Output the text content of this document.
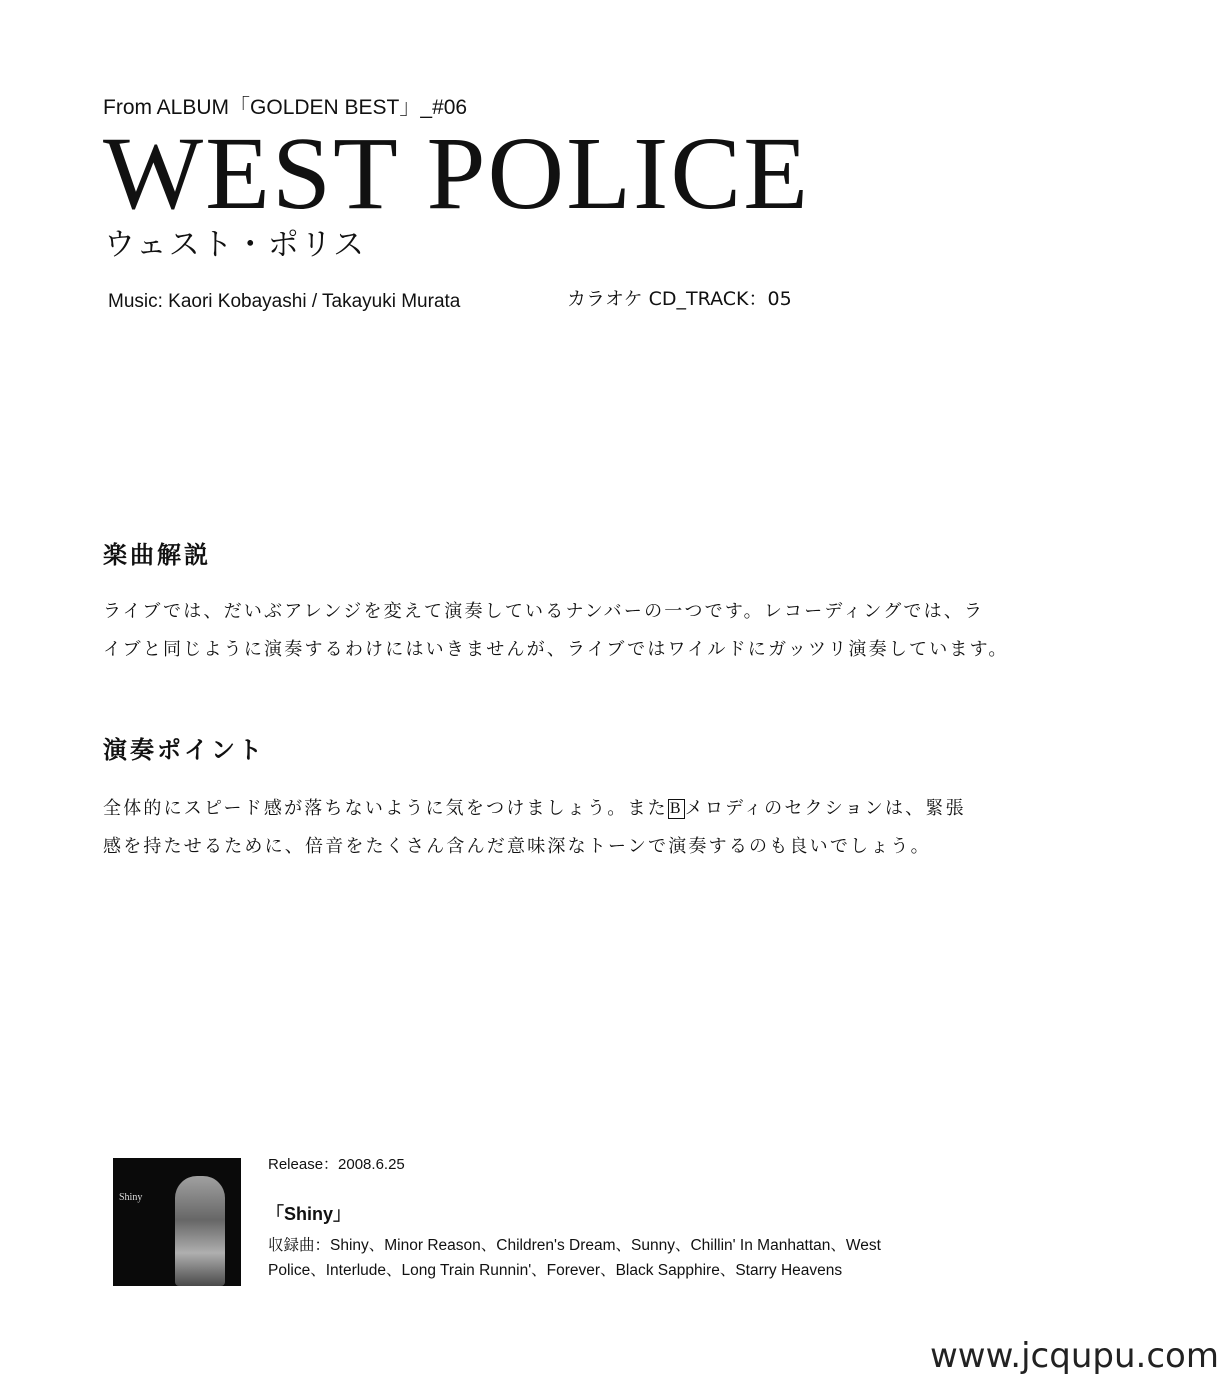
From ALBUM「GOLDEN BEST」_#06
WEST POLICE
ウェスト・ポリス
Music: Kaori Kobayashi / Takayuki Murata	カラオケ CD_TRACK：05
楽曲解説
ライブでは、だいぶアレンジを変えて演奏しているナンバーの一つです。レコーディングでは、ラ
イブと同じように演奏するわけにはいきませんが、ライブではワイルドにガッツリ演奏しています。
演奏ポイント
全体的にスピード感が落ちないように気をつけましょう。また B メロディのセクションは、緊張
感を持たせるために、倍音をたくさん含んだ意味深なトーンで演奏するのも良いでしょう。
Shiny
Release：2008.6.25
「Shiny」
収録曲：Shiny、Minor Reason、Children's Dream、Sunny、Chillin' In Manhattan、West
Police、Interlude、Long Train Runnin'、Forever、Black Sapphire、Starry Heavens
www.jcqupu.com
